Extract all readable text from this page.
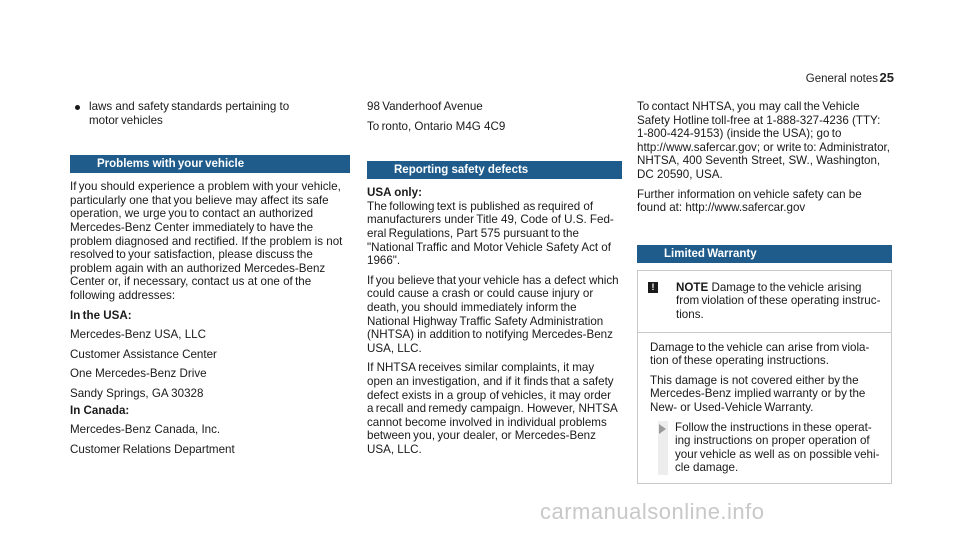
General notes 25
laws and safety standards pertaining to
motor vehicles
Problems with your vehicle

If you should experience a problem with your vehicle, particularly one that you believe may affect its safe operation, we urge you to contact an authorized Mercedes-Benz Center immediately to have the problem diagnosed and rectified. If the problem is not resolved to your satisfaction, please discuss the problem again with an authorized Mercedes-Benz Center or, if necessary, contact us at one of the following addresses:

In the USA:

Mercedes-Benz USA, LLC

Customer Assistance Center

One Mercedes-Benz Drive

Sandy Springs, GA 30328

In Canada:

Mercedes-Benz Canada, Inc.

Customer Relations Department

98 Vanderhoof Avenue

To ronto, Ontario M4G 4C9

Reporting safety defects
USA only:

The following text is published as required of manufacturers under Title 49, Code of U.S. Federal Regulations, Part 575 pursuant to the "National Traffic and Motor Vehicle Safety Act of 1966".

If you believe that your vehicle has a defect which could cause a crash or could cause injury or death, you should immediately inform the National Highway Traffic Safety Administration (NHTSA) in addition to notifying Mercedes-Benz USA, LLC.

If NHTSA receives similar complaints, it may open an investigation, and if it finds that a safety defect exists in a group of vehicles, it may order a recall and remedy campaign. However, NHTSA cannot become involved in individual problems between you, your dealer, or Mercedes-Benz USA, LLC.

To contact NHTSA, you may call the Vehicle Safety Hotline toll-free at 1-888-327-4236 (TTY: 1-800-424-9153) (inside the USA); go to http://www.safercar.gov; or write to: Administrator, NHTSA, 400 Seventh Street, SW., Washington, DC 20590, USA.

Further information on vehicle safety can be found at: http://www.safercar.gov

Limited Warranty
!	NOTE Damage to the vehicle arising from violation of these operating instructions.

Damage to the vehicle can arise from violation of these operating instructions.

This damage is not covered either by the Mercedes-Benz implied warranty or by the New- or Used-Vehicle Warranty.

Follow the instructions in these operating instructions on proper operation of your vehicle as well as on possible vehicle damage.
carmanualsonline.info
